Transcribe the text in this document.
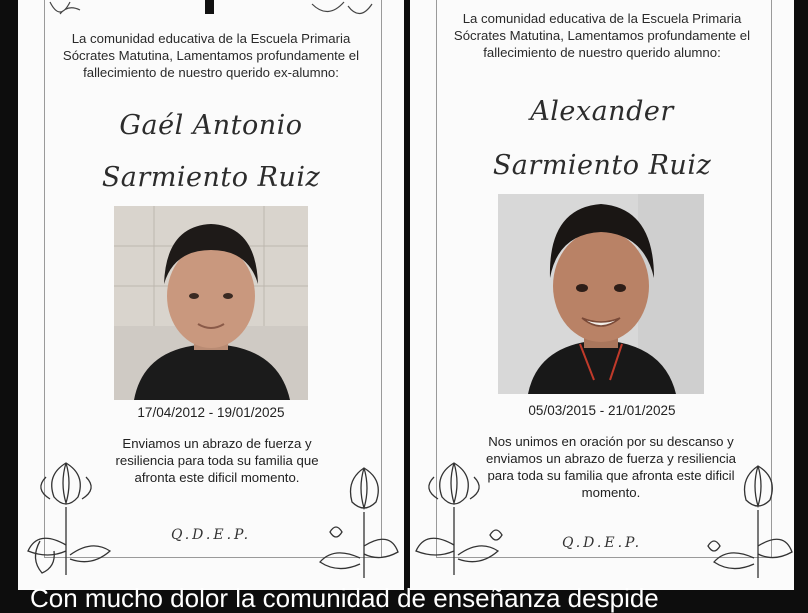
La comunidad educativa de la Escuela Primaria Sócrates Matutina, Lamentamos profundamente el fallecimiento de nuestro querido ex-alumno:
Gaél Antonio
Sarmiento Ruiz
17/04/2012 - 19/01/2025
Enviamos un abrazo de fuerza y resiliencia para toda su familia que afronta este dificil momento.
Q.D.E.P.
La comunidad educativa de la Escuela Primaria Sócrates Matutina, Lamentamos profundamente el fallecimiento de nuestro querido alumno:
Alexander
Sarmiento Ruiz
05/03/2015 - 21/01/2025
Nos unimos en oración por su descanso y enviamos un abrazo de fuerza y resiliencia para toda su familia que afronta este dificil momento.
Q.D.E.P.
Con mucho dolor la comunidad de enseñanza despide
